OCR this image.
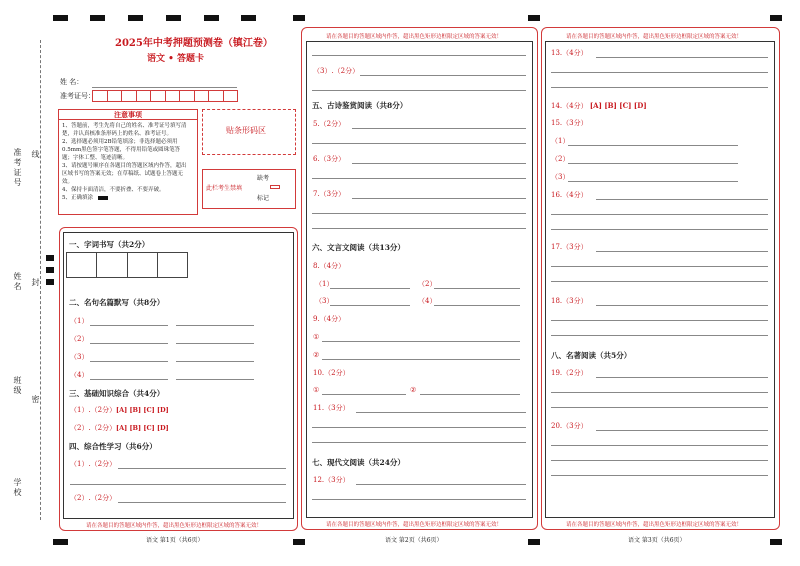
准考证号 线
姓名 封
班级
密
学校
2025年中考押题预测卷（镇江卷）
语文 • 答题卡
姓 名：
准考证号：
注意事项
1、答题前，考生先将自己的姓名、准考证号填写清楚，并认真核准条形码上的姓名、准考证号。
2、选择题必须用2B铅笔填涂；非选择题必须用0.5mm黑色签字笔答题，不得用铅笔或圆珠笔答题；字体工整、笔迹清晰。
3、请按题号顺序在各题目的答题区域内作答，超出区域书写的答案无效；在草稿纸、试题卷上答题无效。
4、保持卡面清洁，不要折叠、不要弄破。
5、正确填涂
贴条形码区
此栏考生禁填
缺考
标记
请在各题目的答题区域内作答，超出黑色矩形边框限定区域的答案无效！
语文 第1页（共6页）
一、字词书写（共2分）
二、名句名篇默写（共8分）
（1）
（2）
（3）
（4）
三、基础知识综合（共4分）
（1）.（2分） [A] [B] [C] [D]
（2）.（2分） [A] [B] [C] [D]
四、综合性学习（共6分）
（1）.（2分）
（2）.（2分）
请在各题目的答题区域内作答，超出黑色矩形边框限定区域的答案无效！
请在各题目的答题区域内作答，超出黑色矩形边框限定区域的答案无效！
语文 第2页（共6页）
（3）.（2分）
五、古诗鉴赏阅读（共8分）
5.（2分）
6.（3分）
7.（3分）
六、文言文阅读（共13分）
8.（4分）
（1）	（2）
（3）	（4）
9.（4分）
①
②
10.（2分）
①	②
11.（3分）
七、现代文阅读（共24分）
12.（3分）
请在各题目的答题区域内作答，超出黑色矩形边框限定区域的答案无效！
请在各题目的答题区域内作答，超出黑色矩形边框限定区域的答案无效！
语文 第3页（共6页）
13.（4分）
14.（4分） [A] [B] [C] [D]
15.（3分）
（1）
（2）
（3）
16.（4分）
17.（3分）
18.（3分）
八、名著阅读（共5分）
19.（2分）
20.（3分）
